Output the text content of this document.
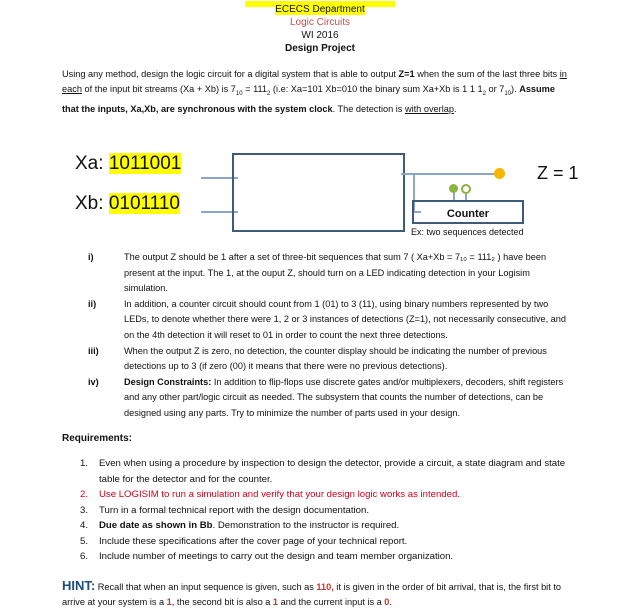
ECECS Department
Logic Circuits
WI 2016
Design Project
Using any method, design the logic circuit for a digital system that is able to output Z=1 when the sum of the last three bits in each of the input bit streams (Xa + Xb) is $7_{10} = 111_2$ (i.e: Xa=101 Xb=010 the binary sum Xa+Xb is 1 1 $1_2$ or $7_{10}$). Assume that the inputs, Xa,Xb, are synchronous with the system clock. The detection is with overlap.
Xa: 1011001
Xb: 0101110
Z = 1
Counter
Ex: two sequences detected
i)	The output Z should be 1 after a set of three-bit sequences that sum 7 ( Xa+Xb = 7₁₀ = 111₂ ) have been present at the input. The 1, at the ouput Z, should turn on a LED indicating detection in your Logisim simulation.
ii)	In addition, a counter circuit should count from 1 (01) to 3 (11), using binary numbers represented by two LEDs, to denote whether there were 1, 2 or 3 instances of detections (Z=1), not necessarily consecutive, and on the 4th detection it will reset to 01 in order to count the next three detections.
iii)	When the output Z is zero, no detection, the counter display should be indicating the number of previous detections up to 3 (if zero (00) it means that there were no previous detections).
iv)	Design Constraints: In addition to flip-flops use discrete gates and/or multiplexers, decoders, shift registers and any other part/logic circuit as needed. The subsystem that counts the number of detections, can be designed using any parts. Try to minimize the number of parts used in your design.
Requirements:
1.	Even when using a procedure by inspection to design the detector, provide a circuit, a state diagram and state table for the detector and for the counter.
2.	Use LOGISIM to run a simulation and verify that your design logic works as intended.
3.	Turn in a formal technical report with the design documentation.
4.	Due date as shown in Bb. Demonstration to the instructor is required.
5.	Include these specifications after the cover page of your technical report.
6.	Include number of meetings to carry out the design and team member organization.
HINT: Recall that when an input sequence is given, such as 110, it is given in the order of bit arrival, that is, the first bit to arrive at your system is a 1, the second bit is also a 1 and the current input is a 0.
